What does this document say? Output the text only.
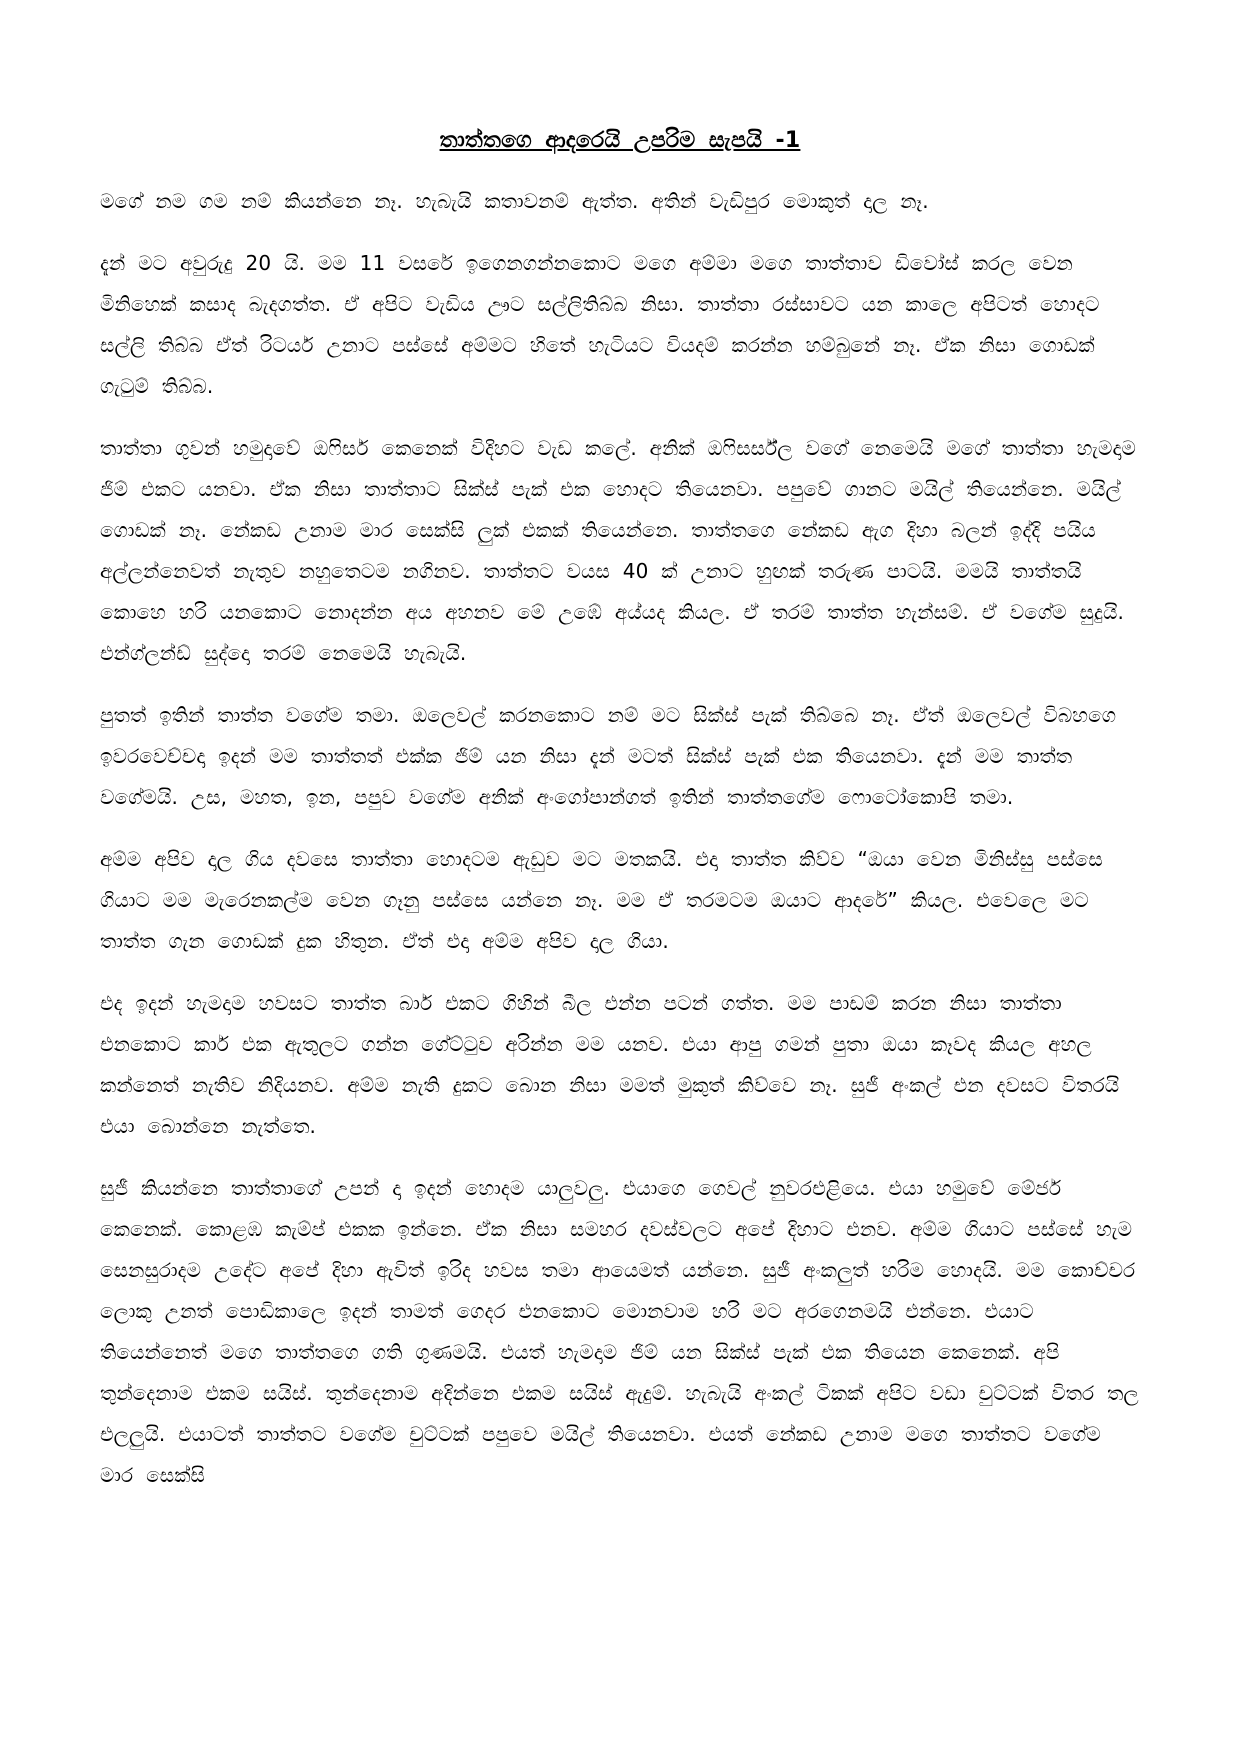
තාත්තගෙ ආදරෙයි උපරිම සැපයි -1

මගේ නම ගම නම් කියන්නෙ නෑ. හැබැයි කතාවනම් ඇත්ත. අතින් වැඩිපුර මොකුත් දාල නෑ.

දැන් මට අවුරුදු 20 යි. මම 11 වසරේ ඉගෙනගන්නකොට මගෙ අම්මා මගෙ තාත්තාව ඩිවෝස් කරල වෙන මිනිහෙක් කසාද බැදගත්ත. ඒ අපිට වැඩිය ඌට සල්ලිතිබ්බ නිසා. තාත්තා රස්සාවට යන කාලෙ අපිටත් හොදට සල්ලි තිබ්බ ඒත් රිටයර් උනාට පස්සේ අම්මට හිතේ හැටියට වියදම් කරන්න හම්බුනේ නෑ. ඒක නිසා ගොඩක් ගැටුම් තිබ්බ.

තාත්තා ගුවන් හමුදාවේ ඔෆිසර් කෙනෙක් විදිහට වැඩ කලේ. අනික් ඔෆිසර්ස්ල වගේ නෙමෙයි මගේ තාත්තා හැමදාම ජිම් එකට යනවා. ඒක නිසා තාත්තාට සික්ස් පැක් එක හොදට තියෙනවා. පපුවේ ගානට මයිල් තියෙන්නෙ. මයිල් ගොඩක් නෑ. නේකඩ උනාම මාර සෙක්සි ලුක් එකක් තියෙන්නෙ. තාත්තගෙ නේකඩ ඇග දිහා බලන් ඉද්දි පයිය අල්ලන්නෙවත් නැතුව නහුතෙටම නගිනව. තාත්තට වයස 40 ක් උනාට හුඟක් තරුණ පාටයි. මමයි තාත්තයි කොහෙ හරි යනකොට නොදන්න අය අහනව මේ උඹේ අය්යද කියල. ඒ තරම් තාත්ත හැන්සම්. ඒ වගේම සුදුයි. එන්ග්ලන්ඩ් සුද්දො තරම් නෙමෙයි හැබැයි.

පුතත් ඉතින් තාත්ත වගේම තමා. ඔලෙවල් කරනකොට නම් මට සික්ස් පැක් තිබ්බෙ නෑ. ඒත් ඔලෙවල් විබහගෙ ඉවරවෙච්චදා ඉදන් මම තාත්තත් එක්ක ජිම් යන නිසා දැන් මටත් සික්ස් පැක් එක තියෙනවා. දැන් මම තාත්ත වගේමයි. උස, මහත, ඉන, පපුව වගේම අනික් අංගෝපාන්ගත් ඉතින් තාත්තගේම ෆොටෝකොපි තමා.

අම්ම අපිව දාල ගිය දවසෙ තාත්තා හොදටම ඇඩුව මට මතකයි. එදා තාත්ත කිව්ව “ඔයා වෙන මිනිස්සු පස්සෙ ගියාට මම මැරෙනකල්ම වෙන ගෑනු පස්සෙ යන්නෙ නෑ. මම ඒ තරමටම ඔයාට ආදරේ” කියල. එවෙලෙ මට තාත්ත ගැන ගොඩක් දුක හිතුන. ඒත් එදා අම්ම අපිව දාල ගියා.

එද ඉදන් හැමදාම හවසට තාත්ත බාර් එකට ගිහින් බීල එන්න පටන් ගත්ත. මම පාඩම් කරන නිසා තාත්තා එනකොට කාර් එක ඇතුලට ගන්න ගේට්ටුව අරින්න මම යනව. එයා ආපු ගමන් පුතා ඔයා කෑවද කියල අහල කන්නෙත් නැතිව නිදියනව. අම්ම නැති දුකට බොන නිසා මමත් මුකුත් කිව්වෙ නෑ. සුජී අංකල් එන දවසට විතරයි එයා බොන්නෙ නැත්තෙ.

සුජී කියන්නෙ තාත්තාගේ උපන් දා ඉදන් හොදම යාලුවලු. එයාගෙ ගෙවල් නුවරඑළියෙ. එයා හමුවේ මේජර් කෙනෙක්. කොළඹ කැම්ප් එකක ඉන්නෙ. ඒක නිසා සමහර දවස්වලට අපේ දිහාට එනව. අම්ම ගියාට පස්සේ හැම සෙනසුරාදම උදේට අපේ දිහා ඇවිත් ඉරිද හවස තමා ආයෙමත් යන්නෙ. සුජී අංකලුත් හරිම හොදයි. මම කොච්චර ලොකු උනත් පොඩිකාලෙ ඉදන් තාමත් ගෙදර එනකොට මොනවාම හරි මට අරගෙනමයි එන්නෙ. එයාට තියෙන්නෙත් මගෙ තාත්තගෙ ගති ගුණමයි. එයත් හැමදාම ජිම් යන සික්ස් පැක් එක තියෙන කෙනෙක්. අපි තුන්දෙනාම එකම සයිස්. තුන්දෙනාම අදින්නෙ එකම සයිස් ඇදුම්. හැබැයි අංකල් ටිකක් අපිට වඩා චුට්ටක් විතර තල එලලුයි. එයාටත් තාත්තට වගේම චුට්ටක් පපුවෙ මයිල් තියෙනවා. එයත් නේකඩ උනාම මගෙ තාත්තට වගේම මාර සෙක්සි
